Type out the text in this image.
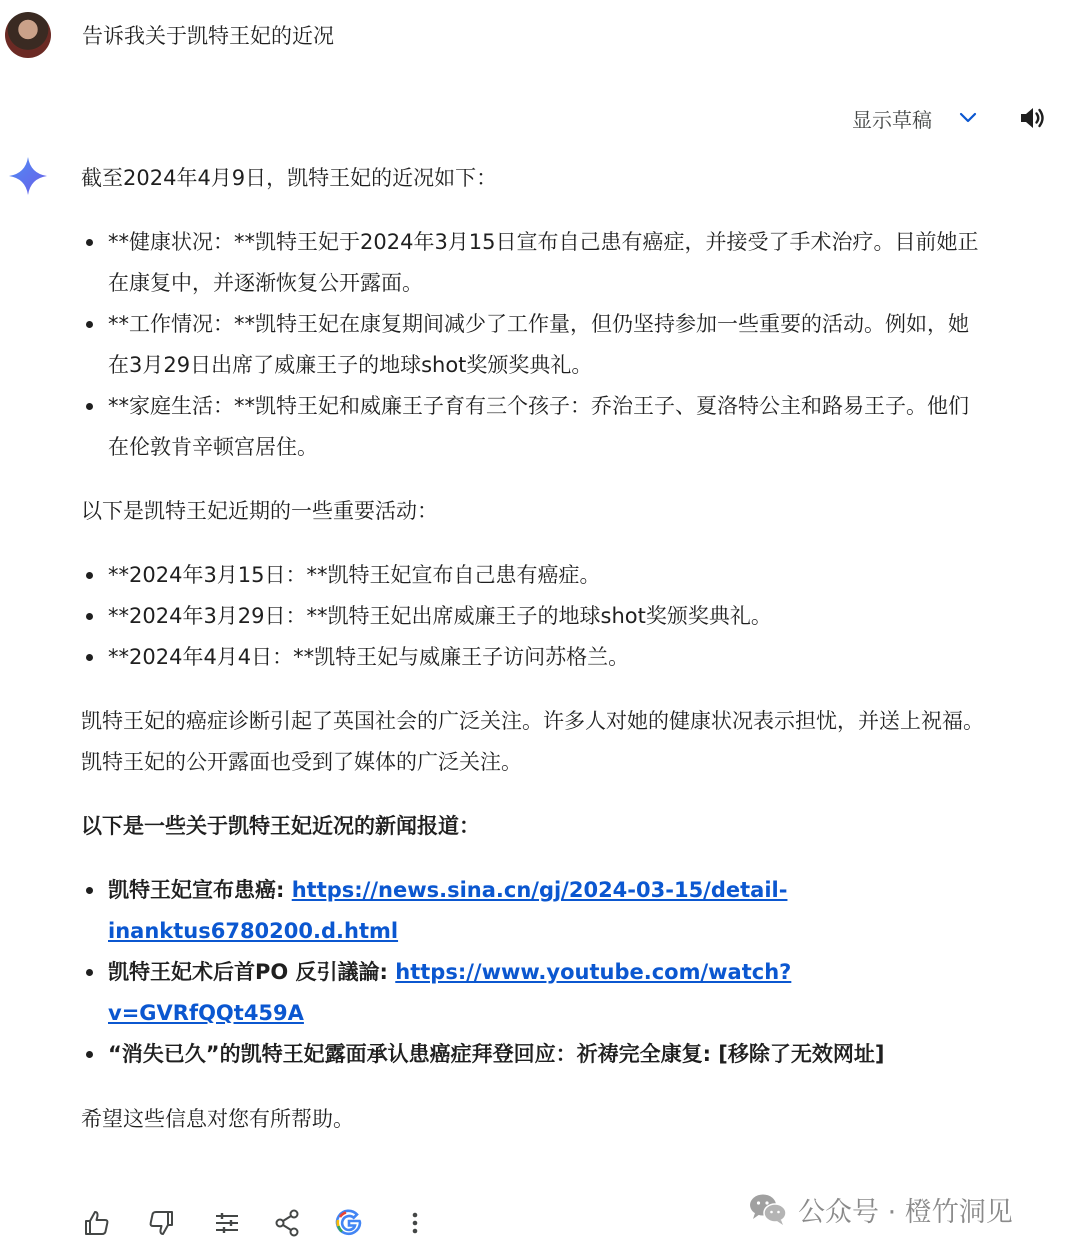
告诉我关于凯特王妃的近况
显示草稿

截至2024年4月9日，凯特王妃的近况如下：

**健康状况：**凯特王妃于2024年3月15日宣布自己患有癌症，并接受了手术治疗。目前她正在康复中，并逐渐恢复公开露面。
**工作情况：**凯特王妃在康复期间减少了工作量，但仍坚持参加一些重要的活动。例如，她在3月29日出席了威廉王子的地球shot奖颁奖典礼。
**家庭生活：**凯特王妃和威廉王子育有三个孩子：乔治王子、夏洛特公主和路易王子。他们在伦敦肯辛顿宫居住。

以下是凯特王妃近期的一些重要活动：

**2024年3月15日：**凯特王妃宣布自己患有癌症。
**2024年3月29日：**凯特王妃出席威廉王子的地球shot奖颁奖典礼。
**2024年4月4日：**凯特王妃与威廉王子访问苏格兰。

凯特王妃的癌症诊断引起了英国社会的广泛关注。许多人对她的健康状况表示担忧，并送上祝福。凯特王妃的公开露面也受到了媒体的广泛关注。

以下是一些关于凯特王妃近况的新闻报道：

凯特王妃宣布患癌: https://news.sina.cn/gj/2024-03-15/detail-
inanktus6780200.d.html
凯特王妃术后首PO 反引議論: https://www.youtube.com/watch?
v=GVRfQQt459A
“消失已久”的凯特王妃露面承认患癌症拜登回应：祈祷完全康复: [移除了无效网址]

希望这些信息对您有所帮助。

公众号 · 橙竹洞见
